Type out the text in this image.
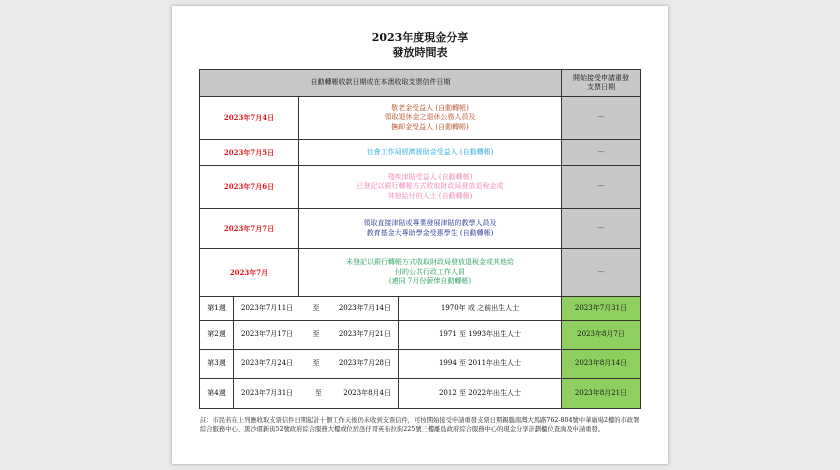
2023年度現金分享
發放時間表
自動轉帳收款日期或在本澳收取支票信件日期				開始接受申請重發
支票日期

2023年7月4日		敬老金受益人 (自動轉帳)
領取退休金之退休公務人員及
撫卹金受益人 (自動轉帳)		---
2023年7月5日		社會工作局經濟援助金受益人 (自動轉帳)		---
2023年7月6日		殘疾津貼受益人 (自動轉帳)
已登記以銀行轉帳方式收取財政局發放退稅金或
其他給付的人士 (自動轉帳)		---
2023年7月7日		領取直接津貼或專業發展津貼的教學人員及
教育基金大專助學金受惠學生 (自動轉帳)		---
2023年7月		未登記以銀行轉帳方式收取財政局發放退稅金或其他給
付的公共行政工作人員
(連同 7月份薪俸自動轉帳)		---
第1週	2023年7月11日 至 2023年7月14日		1970年 或 之前出生人士	2023年7月31日
第2週	2023年7月17日 至 2023年7月21日		1971 至 1993年出生人士	2023年8月7日
第3週	2023年7月24日 至 2023年7月28日		1994 至 2011年出生人士	2023年8月14日
第4週	2023年7月31日 至 2023年8月4日		2012 至 2022年出生人士	2023年8月21日
註：市民若在上列應收取支票信件日期起計十個工作天後仍未收到支票信件，可按開始接受申請重發支票日期親臨南灣大馬路762-804號中華廣場2樓的市政署綜合服務中心、黑沙環新街52號政府綜合服務大樓或位於氹仔哥英布拉街225號三樓離島政府綜合服務中心的現金分享計劃櫃位查詢及申請重發。
